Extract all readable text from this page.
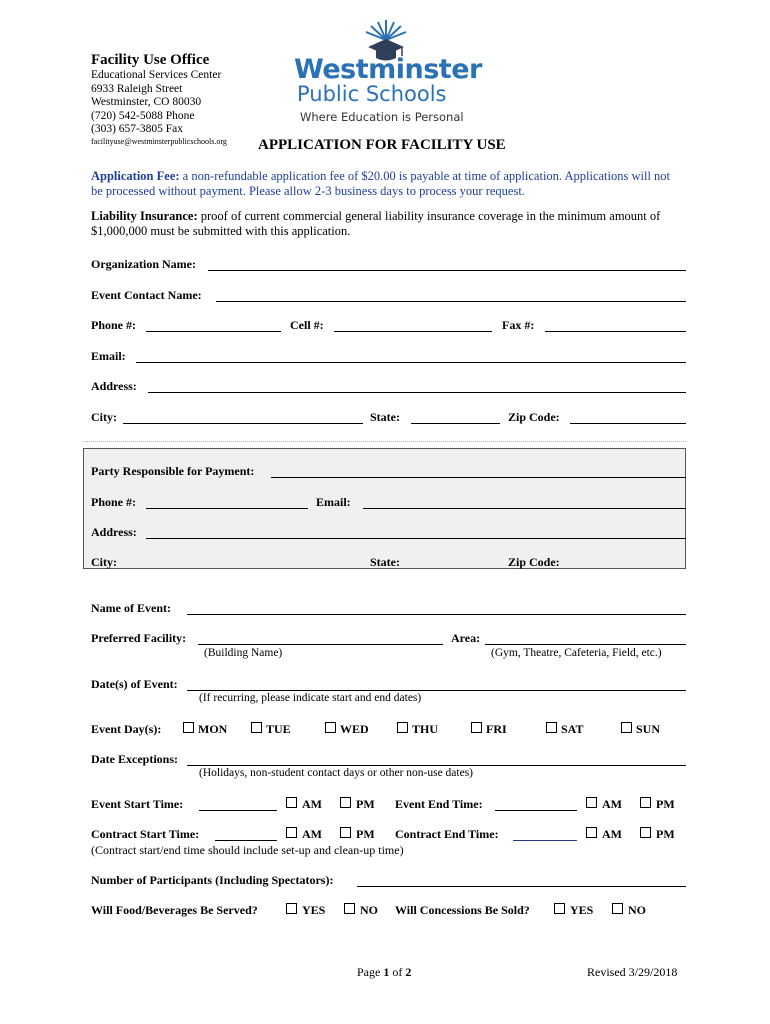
Facility Use Office
Educational Services Center
6933 Raleigh Street
Westminster, CO 80030
(720) 542-5088 Phone
(303) 657-3805 Fax
facilityuse@westminsterpublicschools.org
Westminster
Public Schools
Where Education is Personal
APPLICATION FOR FACILITY USE
Application Fee: a non-refundable application fee of $20.00 is payable at time of application. Applications will not
be processed without payment. Please allow 2-3 business days to process your request.
Liability Insurance: proof of current commercial general liability insurance coverage in the minimum amount of
$1,000,000 must be submitted with this application.
Organization Name:
Event Contact Name:
Phone #:	Cell #:	Fax #:
Email:
Address:
City:	State:	Zip Code:
Party Responsible for Payment:
Phone #:	Email:
Address:
City:	State:	Zip Code:
Name of Event:
Preferred Facility:	Area:
(Building Name)	(Gym, Theatre, Cafeteria, Field, etc.)
Date(s) of Event:
(If recurring, please indicate start and end dates)
Event Day(s):	MON	TUE	WED	THU	FRI	SAT	SUN
Date Exceptions:
(Holidays, non-student contact days or other non-use dates)
Event Start Time:	AM	PM Event End Time:	AM	PM
Contract Start Time:	AM	PM Contract End Time:	AM	PM
(Contract start/end time should include set-up and clean-up time)
Number of Participants (Including Spectators):
Will Food/Beverages Be Served?	YES	NO Will Concessions Be Sold?	YES	NO
Page 1 of 2	Revised 3/29/2018
